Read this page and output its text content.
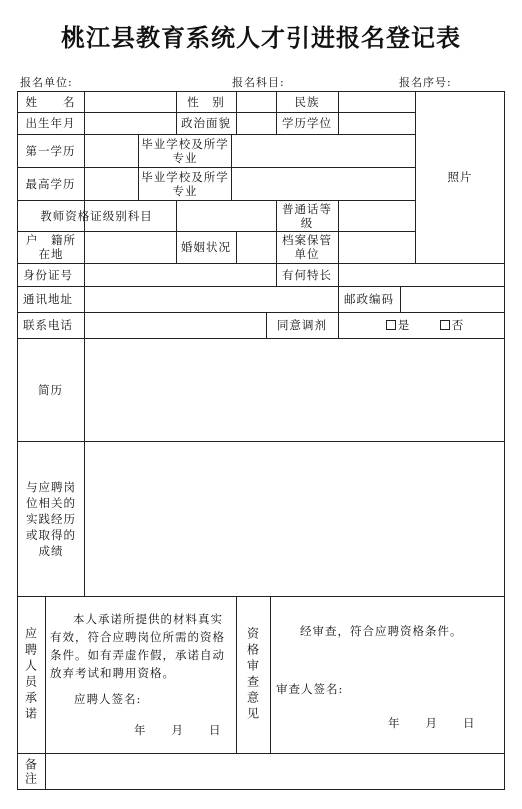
桃江县教育系统人才引进报名登记表
报名单位:	报名科目:	报名序号:
姓　　名	性　别	民族
出生年月	政治面貌	学历学位
第一学历	毕业学校及所学专业
最高学历	毕业学校及所学专业
照片
教师资格证级别科目	普通话等级
户　籍所在地	婚姻状况	档案保管单位
身份证号	有何特长
通讯地址	邮政编码
联系电话	同意调剂	是	否
简历
与应聘岗位相关的实践经历或取得的成绩
应聘人员承诺
本人承诺所提供的材料真实有效，符合应聘岗位所需的资格条件。如有弄虚作假，承诺自动放弃考试和聘用资格。
应聘人签名:
年　　月　　日
资格审查意见	经审查，符合应聘资格条件。
审查人签名:
年　　月　　日
备注
